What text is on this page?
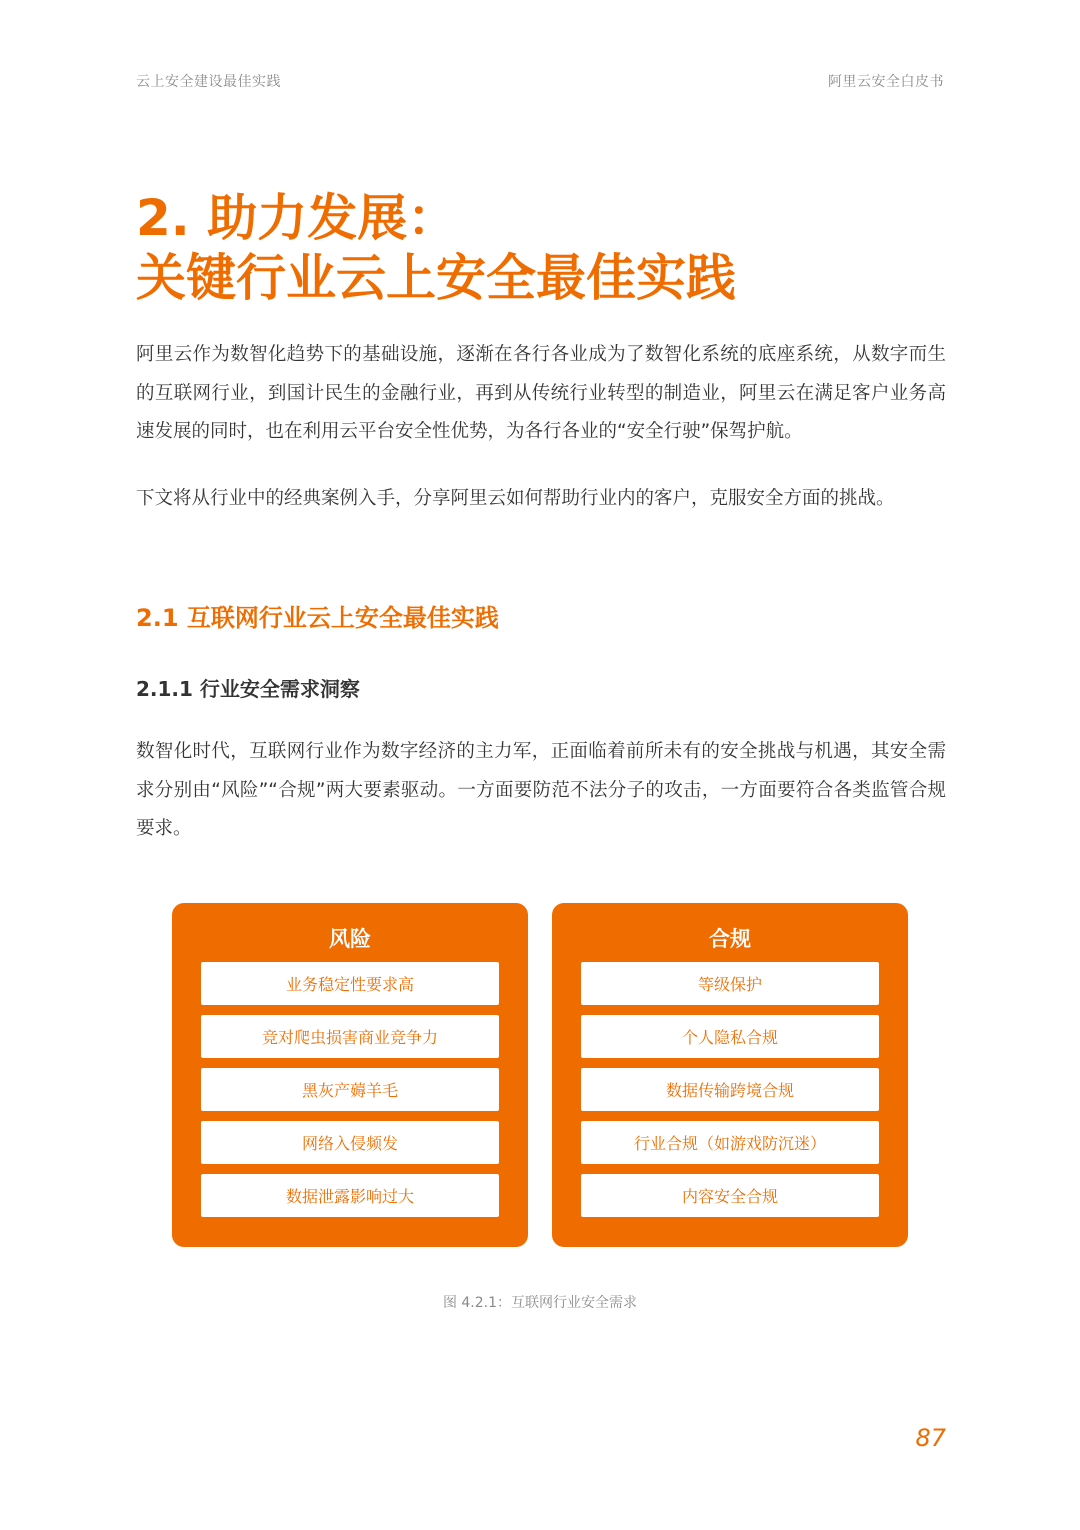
云上安全建设最佳实践	阿里云安全白皮书
2. 助力发展：
关键行业云上安全最佳实践

阿里云作为数智化趋势下的基础设施，逐渐在各行各业成为了数智化系统的底座系统，从数字而生的互联网行业，到国计民生的金融行业，再到从传统行业转型的制造业，阿里云在满足客户业务高速发展的同时，也在利用云平台安全性优势，为各行各业的“安全行驶”保驾护航。

下文将从行业中的经典案例入手，分享阿里云如何帮助行业内的客户，克服安全方面的挑战。

2.1 互联网行业云上安全最佳实践
2.1.1 行业安全需求洞察

数智化时代，互联网行业作为数字经济的主力军，正面临着前所未有的安全挑战与机遇，其安全需求分别由“风险”“合规”两大要素驱动。一方面要防范不法分子的攻击，一方面要符合各类监管合规要求。

风险
业务稳定性要求高
竞对爬虫损害商业竞争力
黑灰产薅羊毛
网络入侵频发
数据泄露影响过大
合规
等级保护
个人隐私合规
数据传输跨境合规
行业合规（如游戏防沉迷）
内容安全合规
图 4.2.1：互联网行业安全需求
87
